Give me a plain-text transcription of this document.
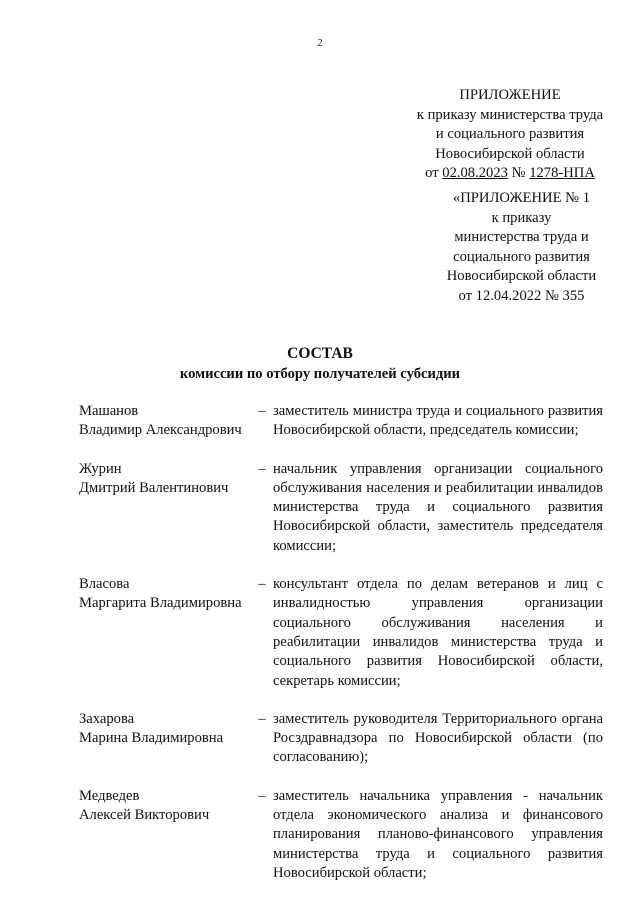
2
ПРИЛОЖЕНИЕ
к приказу министерства труда
и социального развития
Новосибирской области
от 02.08.2023 № 1278-НПА
«ПРИЛОЖЕНИЕ № 1
к приказу
министерства труда и
социального развития
Новосибирской области
от 12.04.2022 № 355
СОСТАВ
комиссии по отбору получателей субсидии
Машанов
Владимир Александрович
– заместитель министра труда и социального развития Новосибирской области, председатель комиссии;
Журин
Дмитрий Валентинович
– начальник управления организации социального обслуживания населения и реабилитации инвалидов министерства труда и социального развития Новосибирской области, заместитель председателя комиссии;
Власова
Маргарита Владимировна
– консультант отдела по делам ветеранов и лиц с инвалидностью управления организации социального обслуживания населения и реабилитации инвалидов министерства труда и социального развития Новосибирской области, секретарь комиссии;
Захарова
Марина Владимировна
– заместитель руководителя Территориального органа Росздравнадзора по Новосибирской области (по согласованию);
Медведев
Алексей Викторович
– заместитель начальника управления - начальник отдела экономического анализа и финансового планирования планово-финансового управления министерства труда и социального развития Новосибирской области;
